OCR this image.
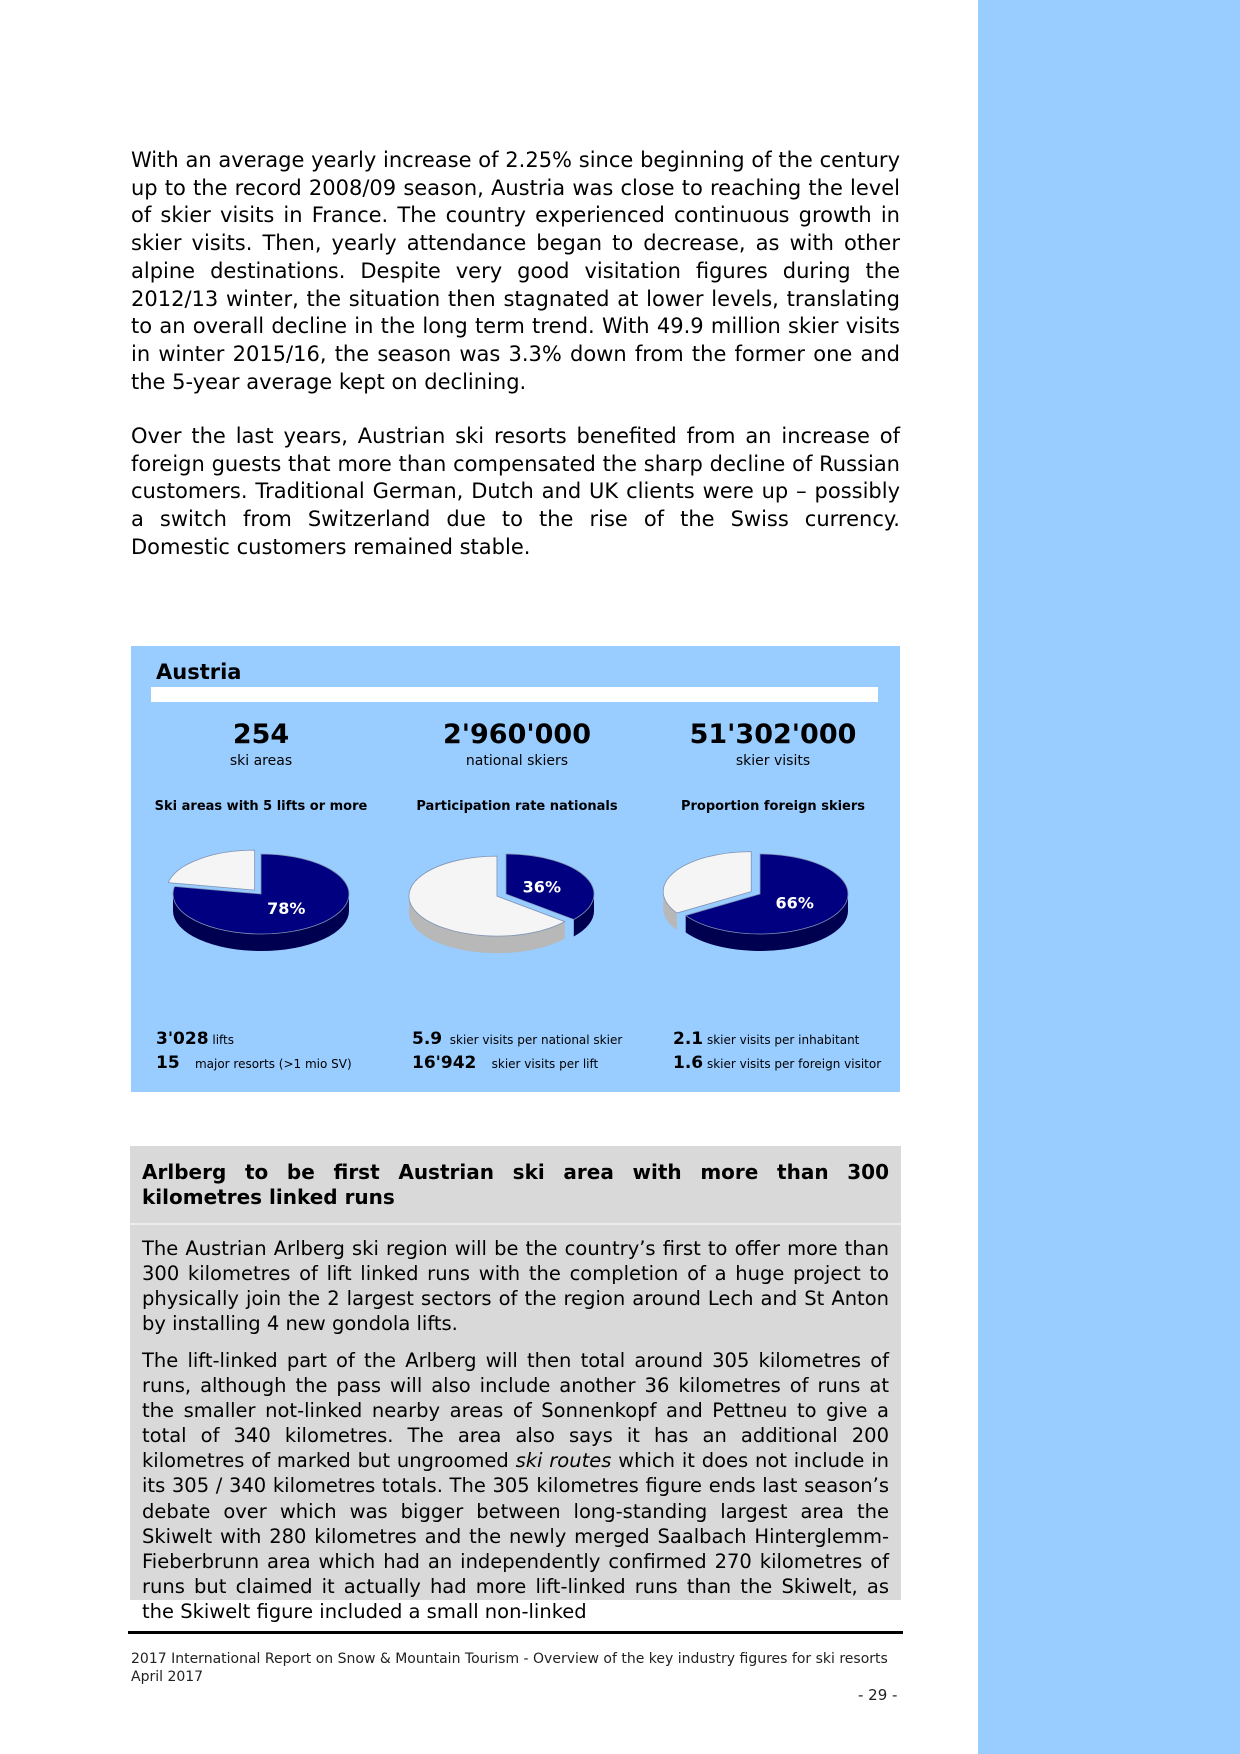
With an average yearly increase of 2.25% since beginning of the century up to the record 2008/09 season, Austria was close to reaching the level of skier visits in France. The country experienced continuous growth in skier visits. Then, yearly attendance began to decrease, as with other alpine destinations. Despite very good visitation figures during the 2012/13 winter, the situation then stagnated at lower levels, translating to an overall decline in the long term trend. With 49.9 million skier visits in winter 2015/16, the season was 3.3% down from the former one and the 5-year average kept on declining.

Over the last years, Austrian ski resorts benefited from an increase of foreign guests that more than compensated the sharp decline of Russian customers. Traditional German, Dutch and UK clients were up – possibly a switch from Switzerland due to the rise of the Swiss currency. Domestic customers remained stable.

Austria
254
ski areas
2'960'000
national skiers
51'302'000
skier visits
Ski areas with 5 lifts or more	Participation rate nationals	Proportion foreign skiers
78%
36%
66%
3'028 lifts
15 major resorts (>1 mio SV)
5.9 skier visits per national skier
16'942 skier visits per lift
2.1 skier visits per inhabitant
1.6 skier visits per foreign visitor
Arlberg to be first Austrian ski area with more than 300 kilometres linked runs

The Austrian Arlberg ski region will be the country’s first to offer more than 300 kilometres of lift linked runs with the completion of a huge project to physically join the 2 largest sectors of the region around Lech and St Anton by installing 4 new gondola lifts.

The lift-linked part of the Arlberg will then total around 305 kilometres of runs, although the pass will also include another 36 kilometres of runs at the smaller not-linked nearby areas of Sonnenkopf and Pettneu to give a total of 340 kilometres. The area also says it has an additional 200 kilometres of marked but ungroomed ski routes which it does not include in its 305 / 340 kilometres totals. The 305 kilometres figure ends last season’s debate over which was bigger between long-standing largest area the Skiwelt with 280 kilometres and the newly merged Saalbach Hinterglemm-Fieberbrunn area which had an independently confirmed 270 kilometres of runs but claimed it actually had more lift-linked runs than the Skiwelt, as the Skiwelt figure included a small non-linked

2017 International Report on Snow & Mountain Tourism - Overview of the key industry figures for ski resorts
April 2017
- 29 -
